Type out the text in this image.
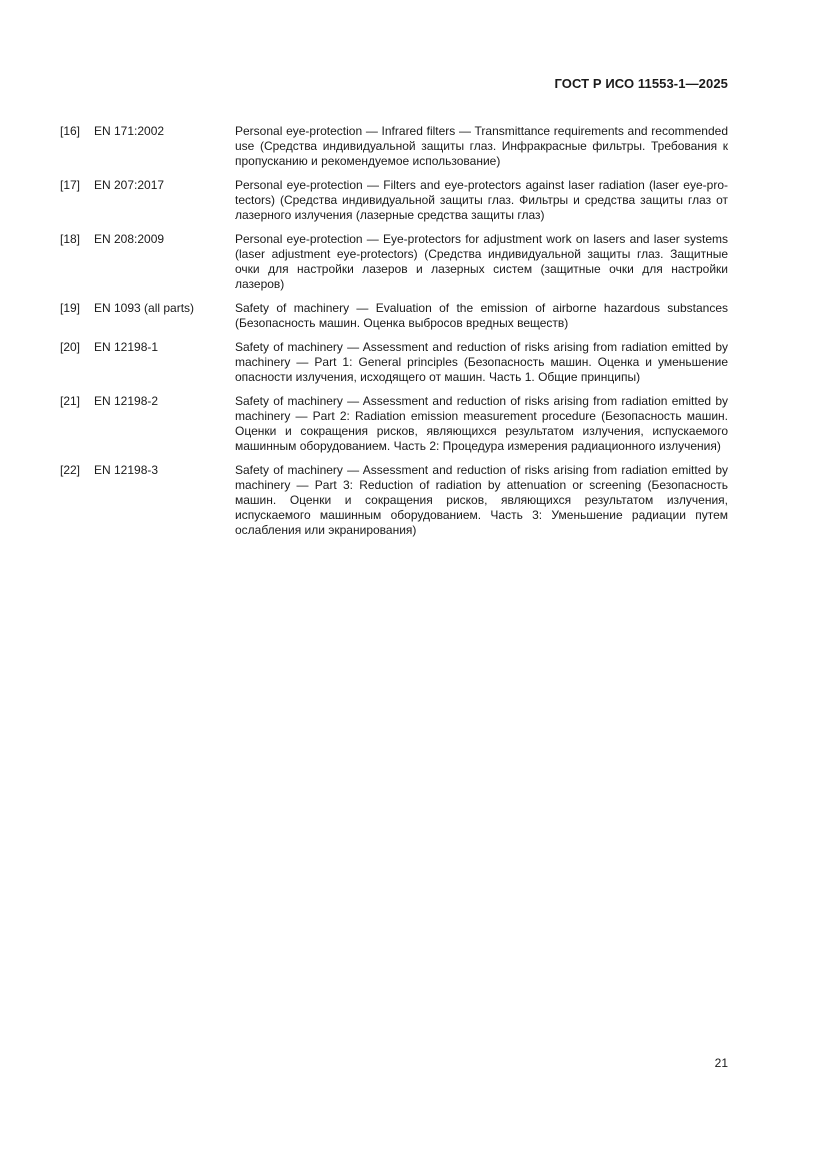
ГОСТ Р ИСО 11553-1—2025
[16] EN 171:2002	Personal eye-protection — Infrared filters — Transmittance requirements and recommended use (Средства индивидуальной защиты глаз. Инфракрасные фильтры. Требования к пропусканию и рекомендуемое использование)
[17] EN 207:2017	Personal eye-protection — Filters and eye-protectors against laser radiation (laser eye-protectors) (Средства индивидуальной защиты глаз. Фильтры и средства защиты глаз от лазерного излучения (лазерные средства защиты глаз)
[18] EN 208:2009	Personal eye-protection — Eye-protectors for adjustment work on lasers and laser systems (laser adjustment eye-protectors) (Средства индивидуальной защиты глаз. Защитные очки для настройки лазеров и лазерных систем (защитные очки для настройки лазеров)
[19] EN 1093 (all parts)	Safety of machinery — Evaluation of the emission of airborne hazardous substances (Безопасность машин. Оценка выбросов вредных веществ)
[20] EN 12198-1	Safety of machinery — Assessment and reduction of risks arising from radiation emitted by machinery — Part 1: General principles (Безопасность машин. Оценка и уменьшение опасности излучения, исходящего от машин. Часть 1. Общие принципы)
[21] EN 12198-2	Safety of machinery — Assessment and reduction of risks arising from radiation emitted by machinery — Part 2: Radiation emission measurement procedure (Безопасность машин. Оценки и сокращения рисков, являющихся результатом излучения, испускаемого машинным оборудованием. Часть 2: Процедура измерения радиационного излучения)
[22] EN 12198-3	Safety of machinery — Assessment and reduction of risks arising from radiation emitted by machinery — Part 3: Reduction of radiation by attenuation or screening (Безопасность машин. Оценки и сокращения рисков, являющихся результатом излучения, испускаемого машинным оборудованием. Часть 3: Уменьшение радиации путем ослабления или экранирования)
21
